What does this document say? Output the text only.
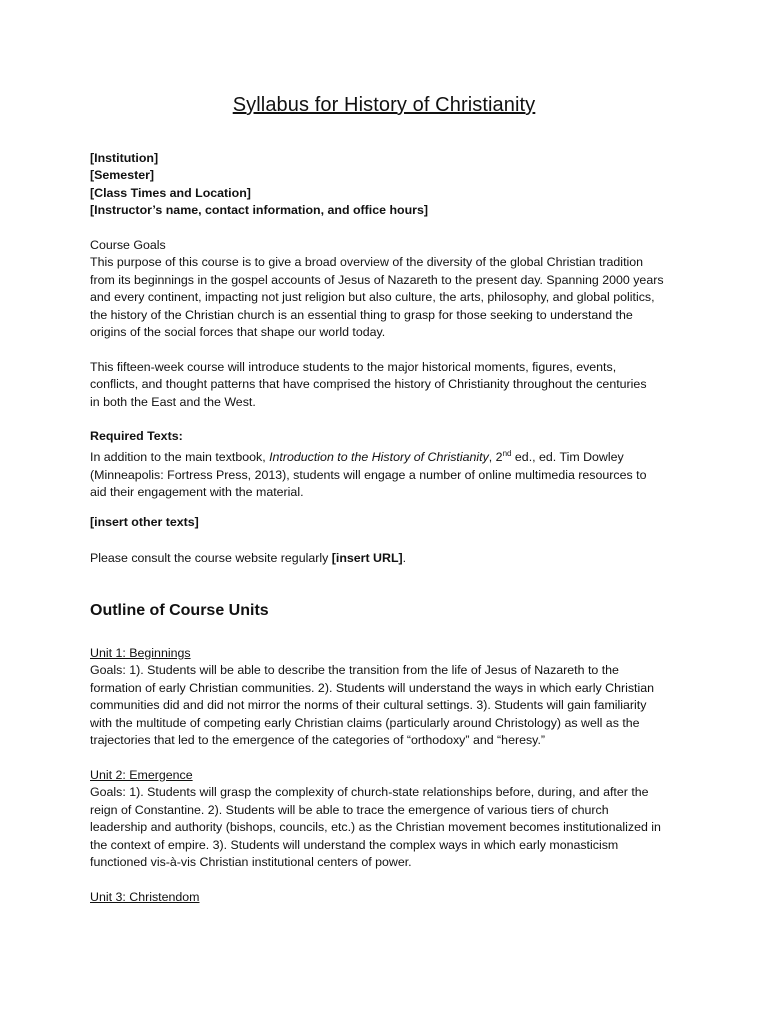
Syllabus for History of Christianity

[Institution]

[Semester]

[Class Times and Location]

[Instructor’s name, contact information, and office hours]

Course Goals

This purpose of this course is to give a broad overview of the diversity of the global Christian tradition

from its beginnings in the gospel accounts of Jesus of Nazareth to the present day. Spanning 2000 years

and every continent, impacting not just religion but also culture, the arts, philosophy, and global politics,

the history of the Christian church is an essential thing to grasp for those seeking to understand the

origins of the social forces that shape our world today.

This fifteen-week course will introduce students to the major historical moments, figures, events,

conflicts, and thought patterns that have comprised the history of Christianity throughout the centuries

in both the East and the West.

Required Texts:

In addition to the main textbook, Introduction to the History of Christianity, 2nd ed., ed. Tim Dowley

(Minneapolis: Fortress Press, 2013), students will engage a number of online multimedia resources to

aid their engagement with the material.

[insert other texts]

Please consult the course website regularly [insert URL].

Outline of Course Units

Unit 1: Beginnings

Goals: 1). Students will be able to describe the transition from the life of Jesus of Nazareth to the

formation of early Christian communities. 2). Students will understand the ways in which early Christian

communities did and did not mirror the norms of their cultural settings. 3). Students will gain familiarity

with the multitude of competing early Christian claims (particularly around Christology) as well as the

trajectories that led to the emergence of the categories of “orthodoxy” and “heresy.”

Unit 2: Emergence

Goals: 1). Students will grasp the complexity of church-state relationships before, during, and after the

reign of Constantine. 2). Students will be able to trace the emergence of various tiers of church

leadership and authority (bishops, councils, etc.) as the Christian movement becomes institutionalized in

the context of empire. 3). Students will understand the complex ways in which early monasticism

functioned vis-à-vis Christian institutional centers of power.

Unit 3: Christendom
